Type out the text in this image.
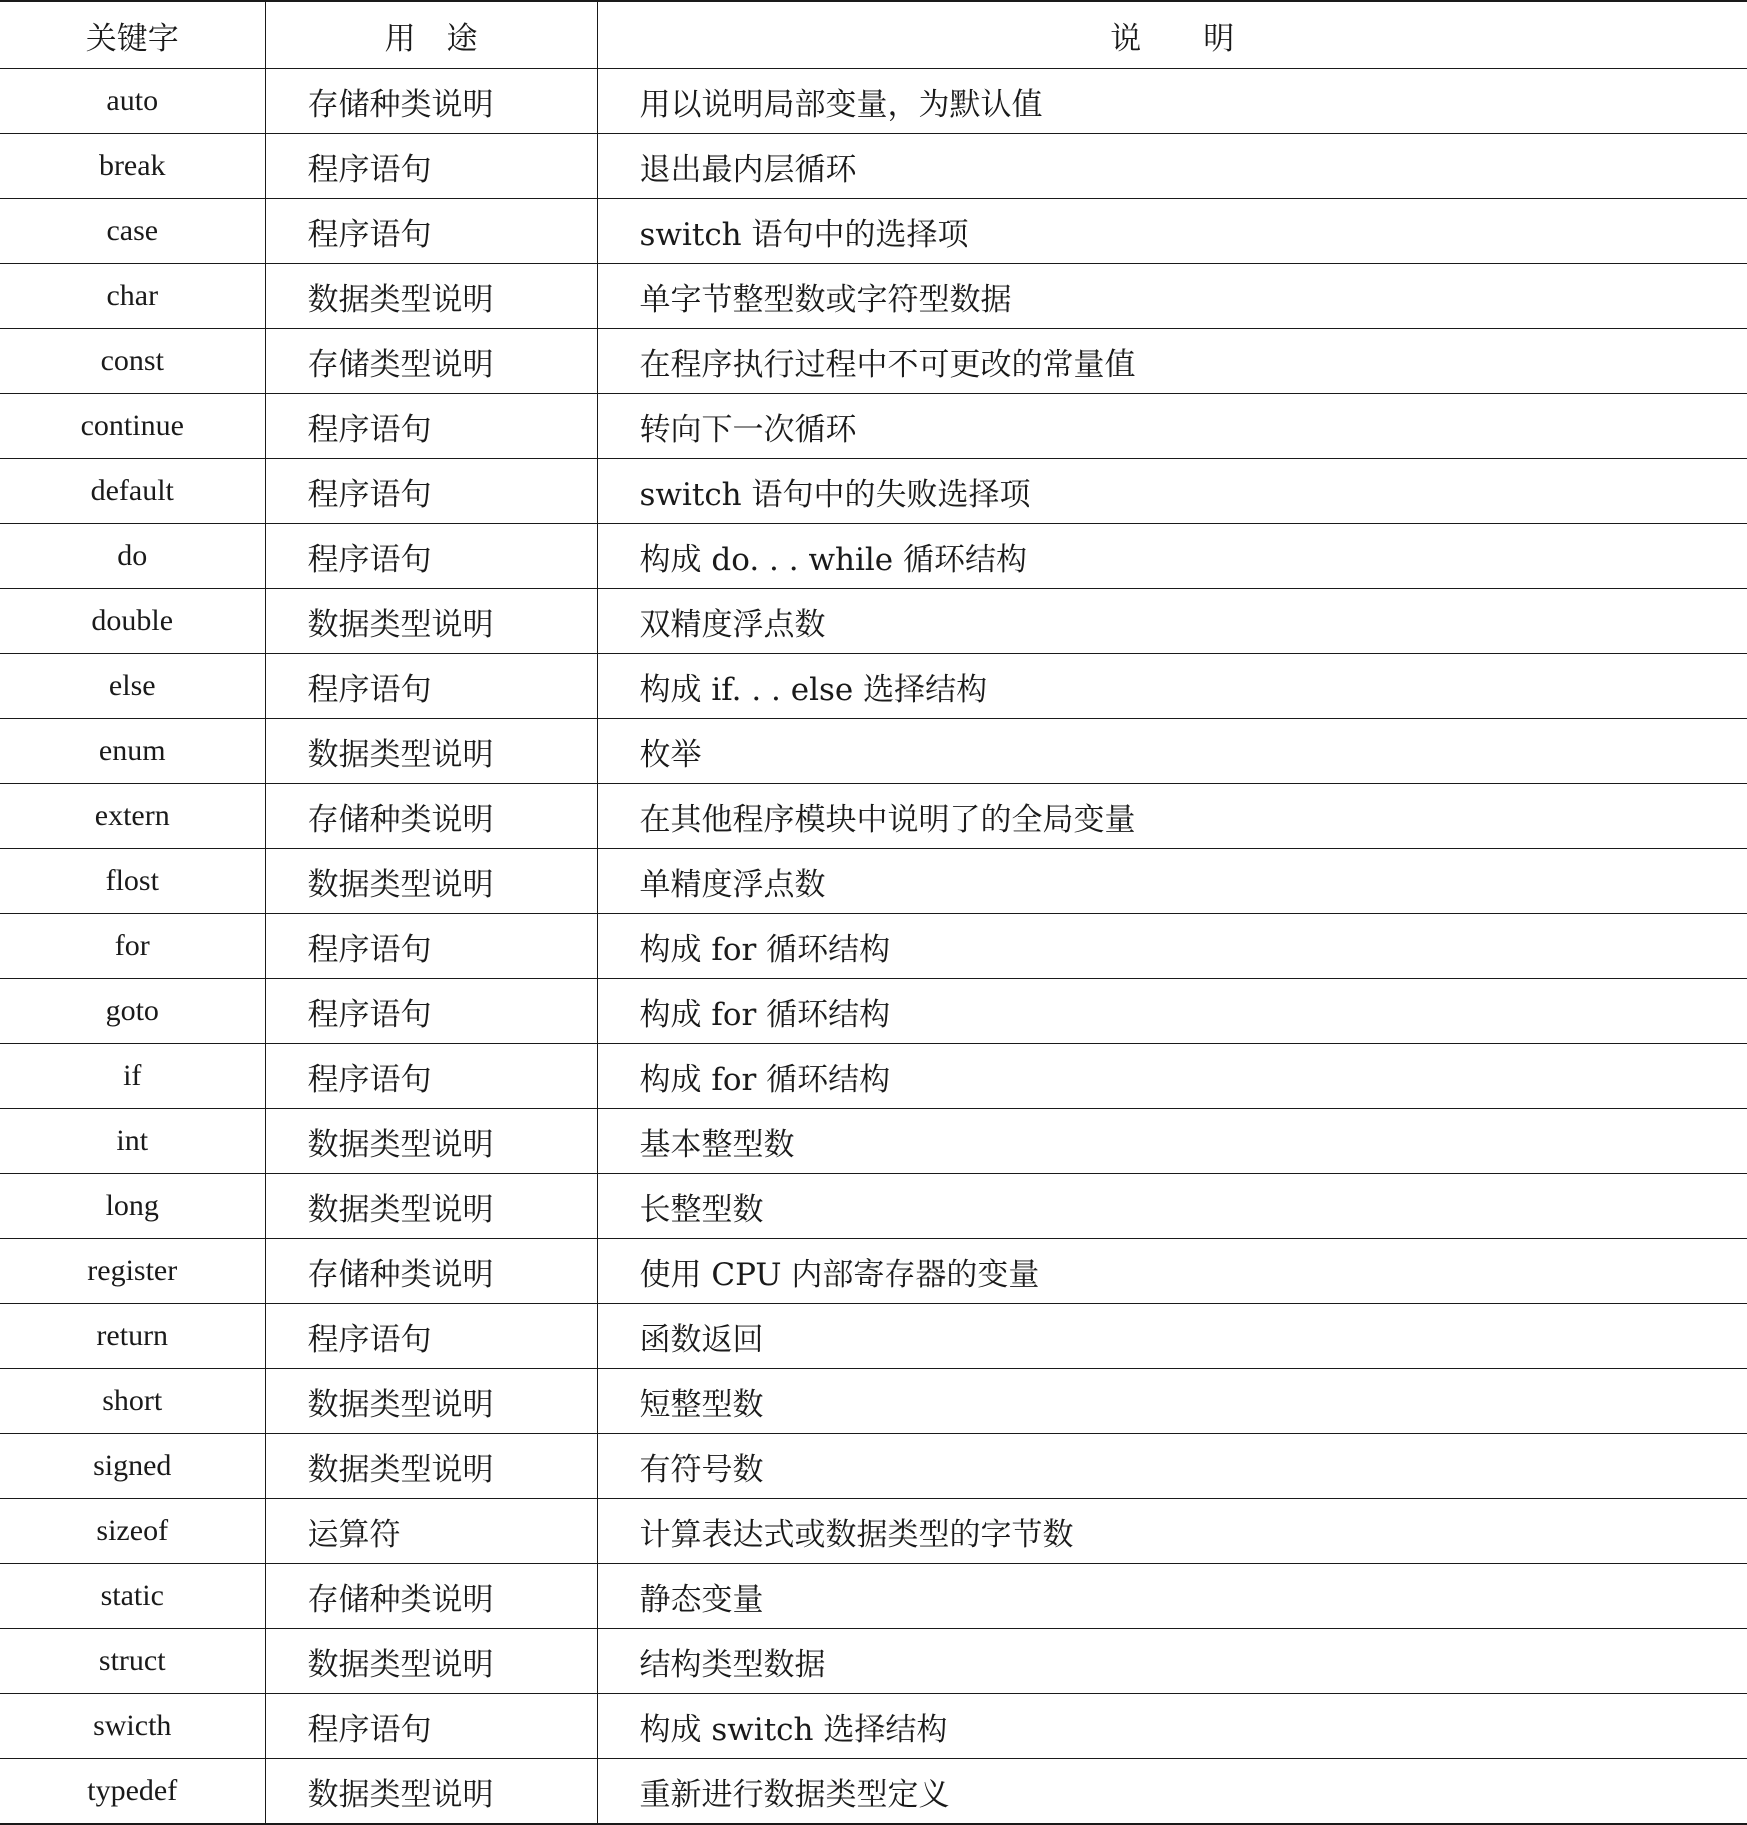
关键字	用　途	说　　明
auto	存储种类说明	用以说明局部变量，为默认值
break	程序语句	退出最内层循环
case	程序语句	switch 语句中的选择项
char	数据类型说明	单字节整型数或字符型数据
const	存储类型说明	在程序执行过程中不可更改的常量值
continue	程序语句	转向下一次循环
default	程序语句	switch 语句中的失败选择项
do	程序语句	构成 do. . . while 循环结构
double	数据类型说明	双精度浮点数
else	程序语句	构成 if. . . else 选择结构
enum	数据类型说明	枚举
extern	存储种类说明	在其他程序模块中说明了的全局变量
flost	数据类型说明	单精度浮点数
for	程序语句	构成 for 循环结构
goto	程序语句	构成 for 循环结构
if	程序语句	构成 for 循环结构
int	数据类型说明	基本整型数
long	数据类型说明	长整型数
register	存储种类说明	使用 CPU 内部寄存器的变量
return	程序语句	函数返回
short	数据类型说明	短整型数
signed	数据类型说明	有符号数
sizeof	运算符	计算表达式或数据类型的字节数
static	存储种类说明	静态变量
struct	数据类型说明	结构类型数据
swicth	程序语句	构成 switch 选择结构
typedef	数据类型说明	重新进行数据类型定义
